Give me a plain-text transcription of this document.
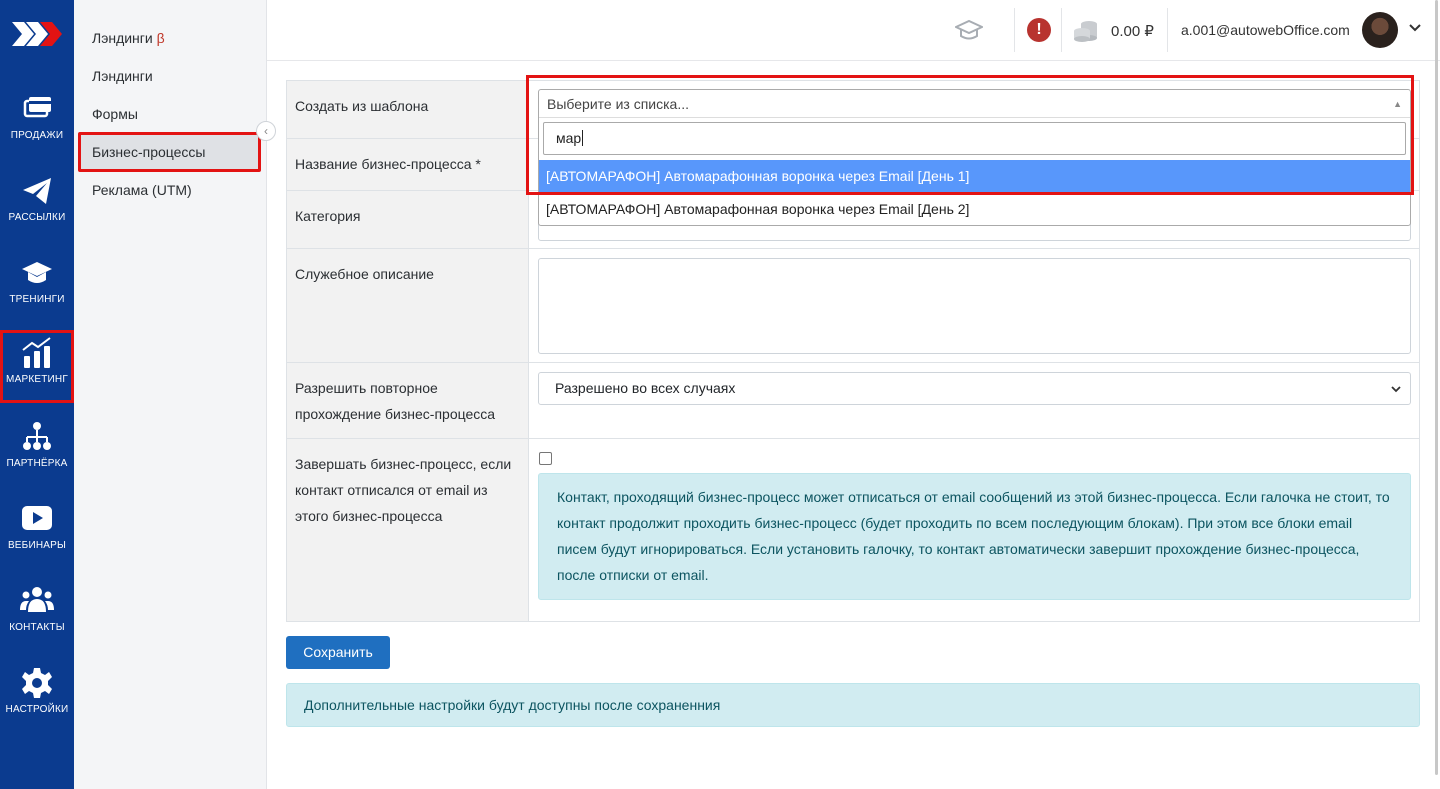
ПРОДАЖИ
РАССЫЛКИ
ТРЕНИНГИ
МАРКЕТИНГ
ПАРТНЁРКА
ВЕБИНАРЫ
КОНТАКТЫ
НАСТРОЙКИ
Лэндинги β
Лэндинги
Формы
Бизнес-процессы
Реклама (UTM)
‹
!	0.00 ₽ a.001@autowebOffice.com
Создать из шаблона
Название бизнес-процесса *
Категория
Служебное описание
Разрешить повторное прохождение бизнес-процесса
Разрешено во всех случаях
Завершать бизнес-процесс, если контакт отписался от email из этого бизнес-процесса
Контакт, проходящий бизнес-процесс может отписаться от email сообщений из этой бизнес-процесса. Если галочка не стоит, то контакт продолжит проходить бизнес-процесс (будет проходить по всем последующим блокам). При этом все блоки email писем будут игнорироваться. Если установить галочку, то контакт автоматически завершит прохождение бизнес-процесса, после отписки от email.
Выберите из списка...	▲
мар
[АВТОМАРАФОН] Автомарафонная воронка через Email [День 1]
[АВТОМАРАФОН] Автомарафонная воронка через Email [День 2]
Сохранить
Дополнительные настройки будут доступны после сохраненния
